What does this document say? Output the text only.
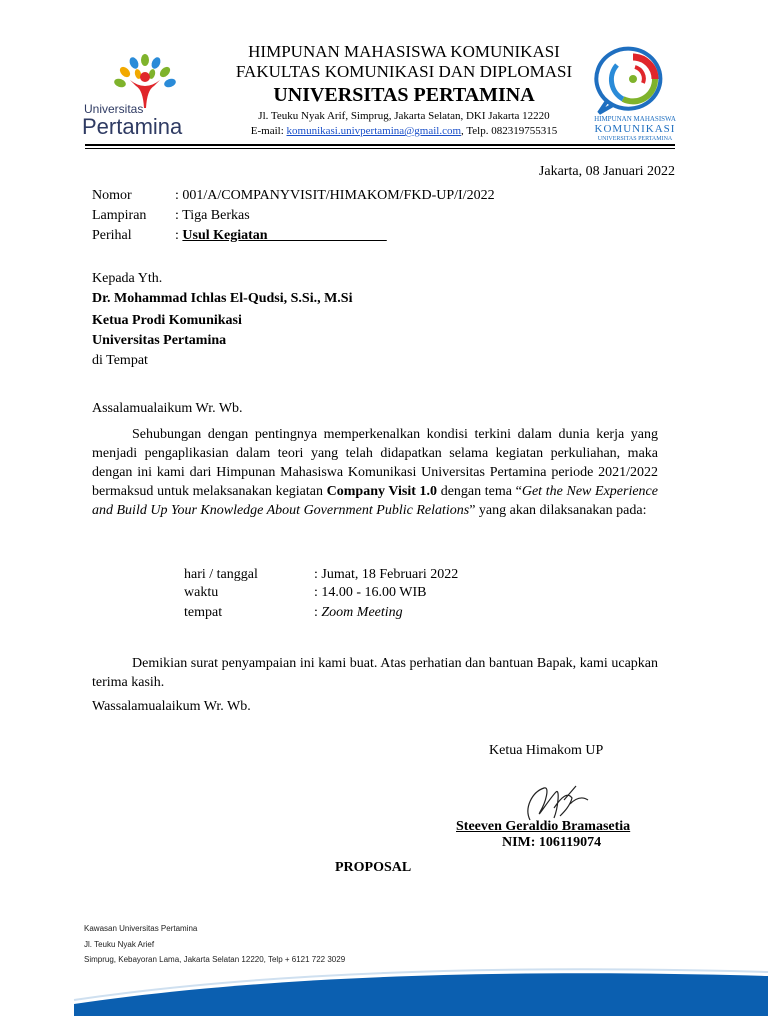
Universitas
Pertamina	HIMPUNAN MAHASISWA
KOMUNIKASI
UNIVERSITAS PERTAMINA
HIMPUNAN MAHASISWA KOMUNIKASI
FAKULTAS KOMUNIKASI DAN DIPLOMASI
UNIVERSITAS PERTAMINA
Jl. Teuku Nyak Arif, Simprug, Jakarta Selatan, DKI Jakarta 12220
E-mail: komunikasi.univpertamina@gmail.com, Telp. 082319755315
Jakarta, 08 Januari 2022
Nomor	: 001/A/COMPANYVISIT/HIMAKOM/FKD-UP/I/2022
Lampiran : Tiga Berkas
Perihal	: Usul Kegiatan_________________
Kepada Yth.
Dr. Mohammad Ichlas El-Qudsi, S.Si., M.Si
Ketua Prodi Komunikasi
Universitas Pertamina
di Tempat
Assalamualaikum Wr. Wb.
Sehubungan dengan pentingnya memperkenalkan kondisi terkini dalam dunia kerja yang menjadi pengaplikasian dalam teori yang telah didapatkan selama kegiatan perkuliahan, maka dengan ini kami dari Himpunan Mahasiswa Komunikasi Universitas Pertamina periode 2021/2022 bermaksud untuk melaksanakan kegiatan Company Visit 1.0 dengan tema “Get the New Experience and Build Up Your Knowledge About Government Public Relations” yang akan dilaksanakan pada:
hari / tanggal	: Jumat, 18 Februari 2022
waktu	: 14.00 - 16.00 WIB
tempat	: Zoom Meeting
Demikian surat penyampaian ini kami buat. Atas perhatian dan bantuan Bapak, kami ucapkan terima kasih.
Wassalamualaikum Wr. Wb.
Ketua Himakom UP
Steeven Geraldio Bramasetia
NIM: 106119074
PROPOSAL
Kawasan Universitas Pertamina
Jl. Teuku Nyak Arief
Simprug, Kebayoran Lama, Jakarta Selatan 12220, Telp + 6121 722 3029
